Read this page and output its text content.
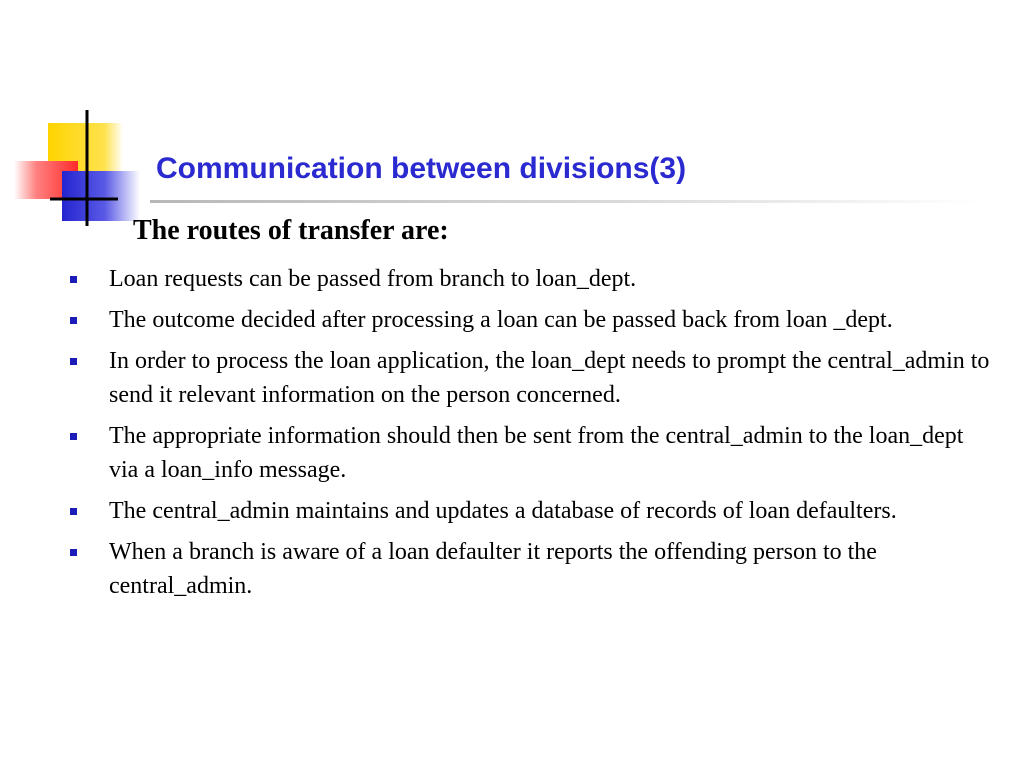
Communication between divisions(3)
The routes of transfer are:
Loan requests can be passed from branch to loan_dept.
The outcome decided after processing a loan can be passed back from loan _dept.
In order to process the loan application, the loan_dept needs to prompt the central_admin to send it relevant information on the person concerned.
The appropriate information should then be sent from the central_admin to the loan_dept via a loan_info message.
The central_admin maintains and updates a database of records of loan defaulters.
When a branch is aware of a loan defaulter it reports the offending person to the central_admin.
